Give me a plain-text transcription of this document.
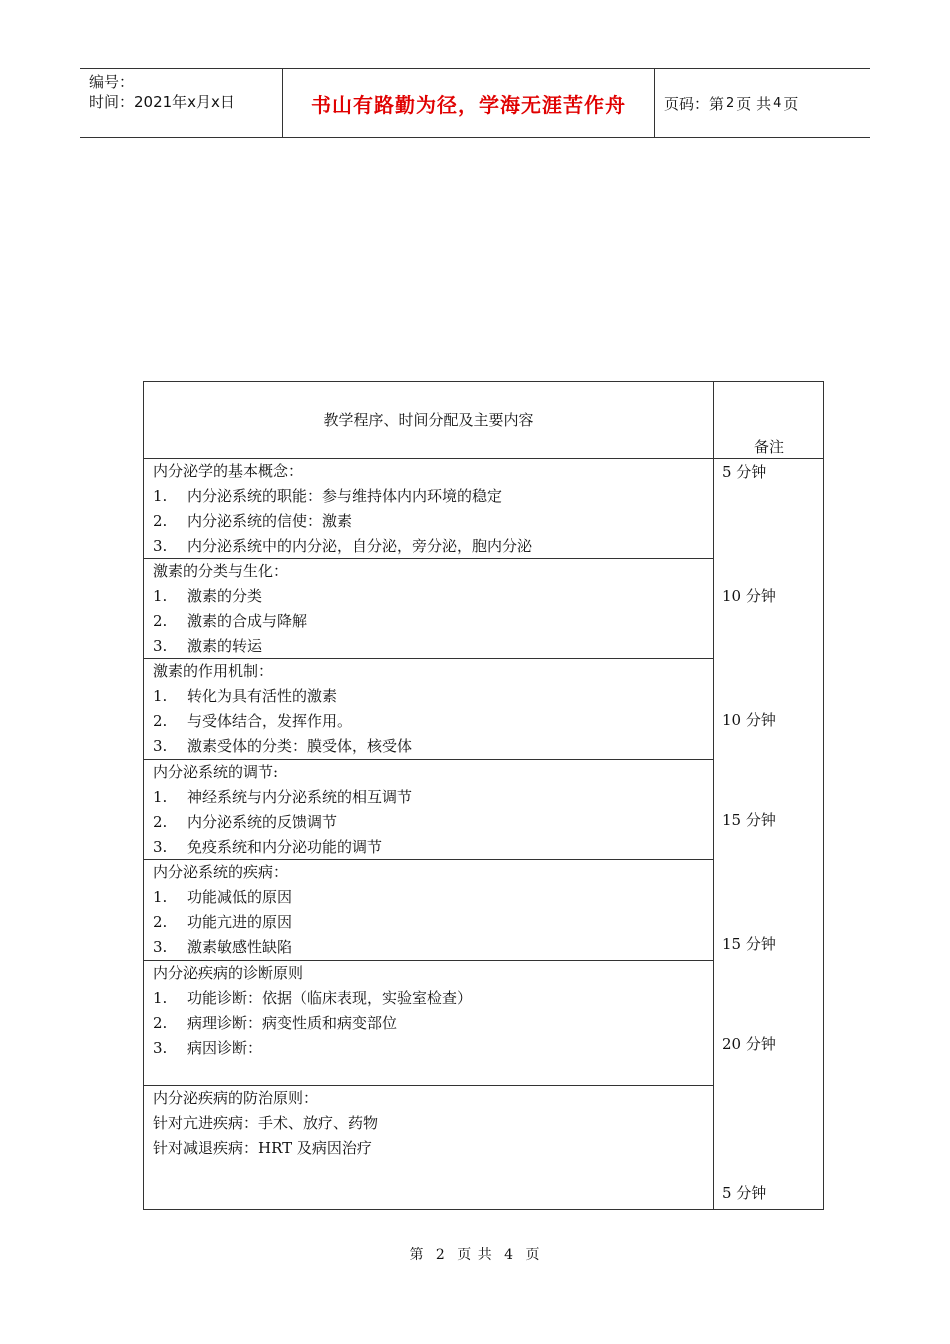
编号：
时间：2021年x月x日	书山有路勤为径，学海无涯苦作舟	页码：第 2 页 共 4 页
教学程序、时间分配及主要内容
备注
内分泌学的基本概念：
1. 内分泌系统的职能：参与维持体内内环境的稳定
2. 内分泌系统的信使：激素
3. 内分泌系统中的内分泌，自分泌，旁分泌，胞内分泌
激素的分类与生化：
1. 激素的分类
2. 激素的合成与降解
3. 激素的转运
激素的作用机制：
1. 转化为具有活性的激素
2. 与受体结合，发挥作用。
3. 激素受体的分类：膜受体，核受体
内分泌系统的调节:
1. 神经系统与内分泌系统的相互调节
2. 内分泌系统的反馈调节
3. 免疫系统和内分泌功能的调节
内分泌系统的疾病：
1. 功能减低的原因
2. 功能亢进的原因
3. 激素敏感性缺陷
内分泌疾病的诊断原则
1. 功能诊断：依据（临床表现，实验室检查）
2. 病理诊断：病变性质和病变部位
3. 病因诊断：
内分泌疾病的防治原则：
针对亢进疾病：手术、放疗、药物
针对减退疾病：HRT 及病因治疗
5 分钟
10 分钟
10 分钟
15 分钟
15 分钟
20 分钟
5 分钟
第 2 页 共 4 页
